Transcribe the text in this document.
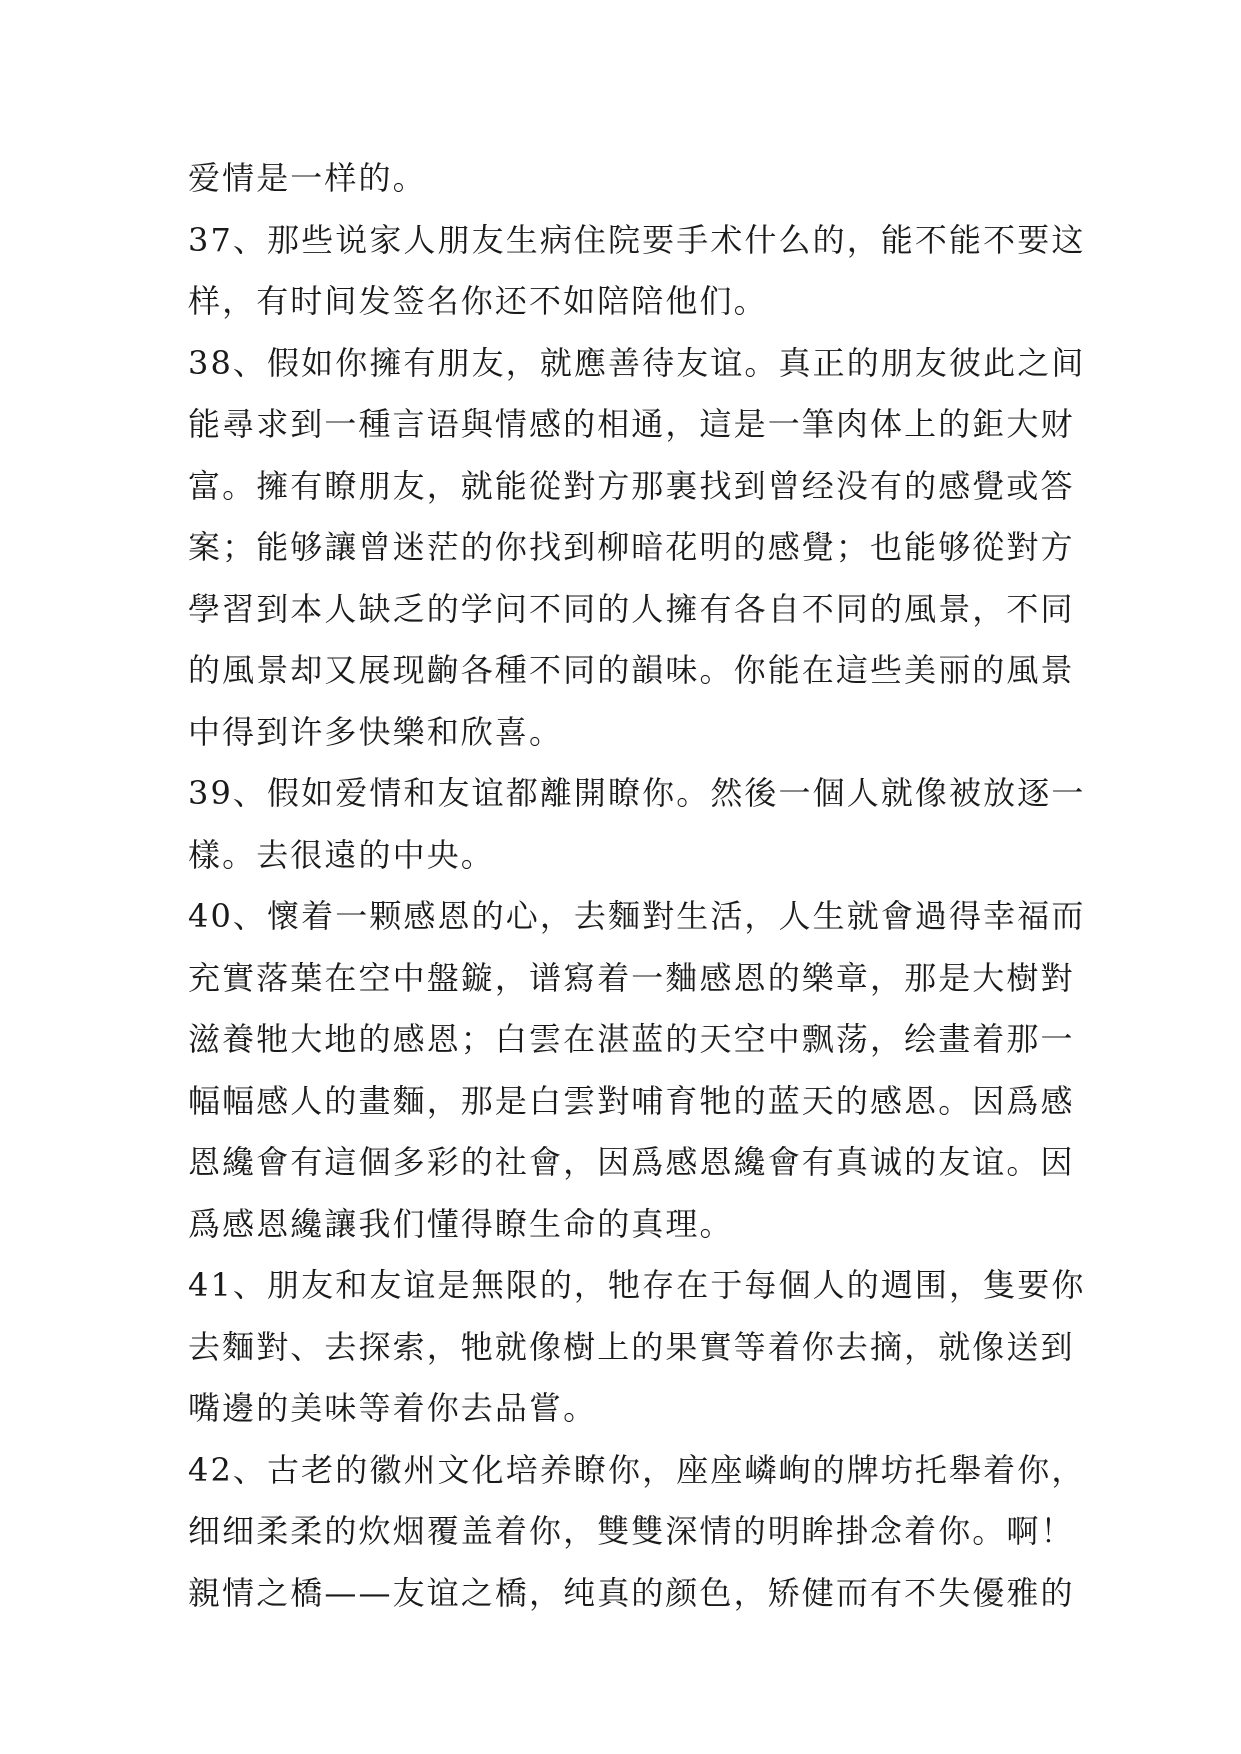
爱情是一样的。
37、那些说家人朋友生病住院要手术什么的，能不能不要这
样，有时间发签名你还不如陪陪他们。
38、假如你擁有朋友，就應善待友谊。真正的朋友彼此之间
能尋求到一種言语與情感的相通，這是一筆肉体上的鉅大财
富。擁有瞭朋友，就能從對方那裏找到曾经没有的感覺或答
案；能够讓曾迷茫的你找到柳暗花明的感覺；也能够從對方
學習到本人缺乏的学问不同的人擁有各自不同的風景，不同
的風景却又展现齣各種不同的韻味。你能在這些美丽的風景
中得到许多快樂和欣喜。
39、假如爱情和友谊都離開瞭你。然後一個人就像被放逐一
樣。去很遠的中央。
40、懷着一颗感恩的心，去麵對生活，人生就會過得幸福而
充實落葉在空中盤鏇，谱寫着一麯感恩的樂章，那是大樹對
滋養牠大地的感恩；白雲在湛蓝的天空中飘荡，绘畫着那一
幅幅感人的畫麵，那是白雲對哺育牠的蓝天的感恩。因爲感
恩纔會有這個多彩的社會，因爲感恩纔會有真诚的友谊。因
爲感恩纔讓我们懂得瞭生命的真理。
41、朋友和友谊是無限的，牠存在于每個人的週围，隻要你
去麵對、去探索，牠就像樹上的果實等着你去摘，就像送到
嘴邊的美味等着你去品嘗。
42、古老的徽州文化培养瞭你，座座嶙峋的牌坊托舉着你，
细细柔柔的炊烟覆盖着你，雙雙深情的明眸掛念着你。啊！
親情之橋——友谊之橋，纯真的颜色，矫健而有不失優雅的
